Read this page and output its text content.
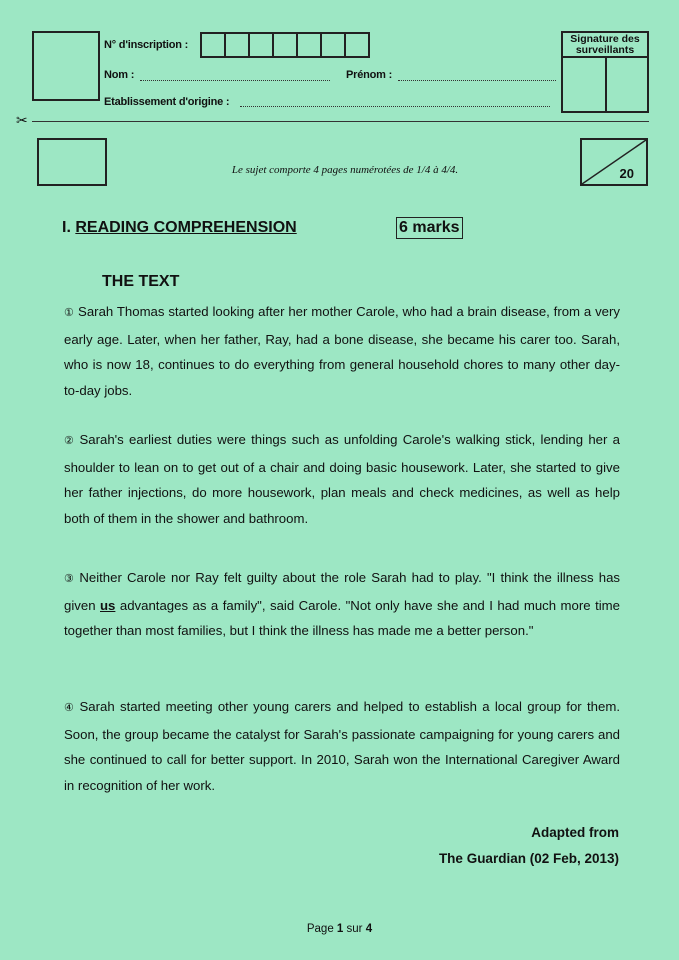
N° d'inscription :
Nom :	Prénom :
Etablissement d'origine :
Signature des surveillants
✂
Le sujet comporte 4 pages numérotées de 1/4 à 4/4.	20
I. READING COMPREHENSION	6 marks
THE TEXT
① Sarah Thomas started looking after her mother Carole, who had a brain disease, from a very early age. Later, when her father, Ray, had a bone disease, she became his carer too. Sarah, who is now 18, continues to do everything from general household chores to many other day-to-day jobs.
② Sarah's earliest duties were things such as unfolding Carole's walking stick, lending her a shoulder to lean on to get out of a chair and doing basic housework. Later, she started to give her father injections, do more housework, plan meals and check medicines, as well as help both of them in the shower and bathroom.
③ Neither Carole nor Ray felt guilty about the role Sarah had to play. "I think the illness has given us advantages as a family", said Carole. "Not only have she and I had much more time together than most families, but I think the illness has made me a better person."
④ Sarah started meeting other young carers and helped to establish a local group for them. Soon, the group became the catalyst for Sarah's passionate campaigning for young carers and she continued to call for better support. In 2010, Sarah won the International Caregiver Award in recognition of her work.
Adapted from
The Guardian (02 Feb, 2013)
Page 1 sur 4
